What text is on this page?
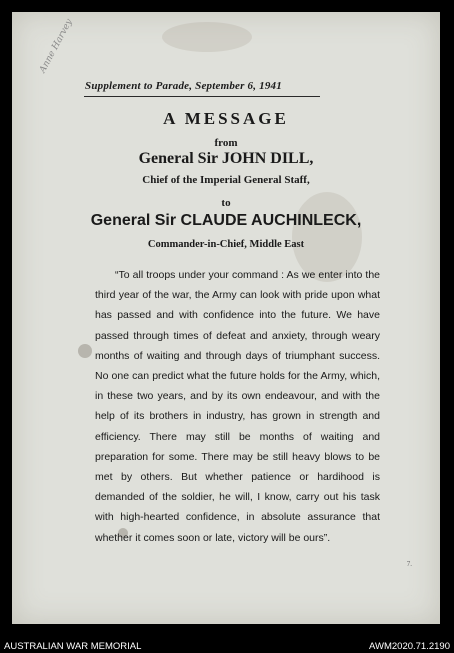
Anne Harvey
Supplement to Parade, September 6, 1941
A MESSAGE
from
General Sir JOHN DILL,
Chief of the Imperial General Staff,
to
General Sir CLAUDE AUCHINLECK,
Commander-in-Chief, Middle East

“To all troops under your command : As we enter into the third year of the war, the Army can look with pride upon what has passed and with confidence into the future. We have passed through times of defeat and anxiety, through weary months of waiting and through days of triumphant success. No one can predict what the future holds for the Army, which, in these two years, and by its own endeavour, and with the help of its brothers in industry, has grown in strength and efficiency. There may still be months of waiting and preparation for some. There may be still heavy blows to be met by others. But whether patience or hardihood is demanded of the soldier, he will, I know, carry out his task with high-hearted confidence, in absolute assurance that whether it comes soon or late, victory will be ours”.

7.
AUSTRALIAN WAR MEMORIAL	AWM2020.71.2190
